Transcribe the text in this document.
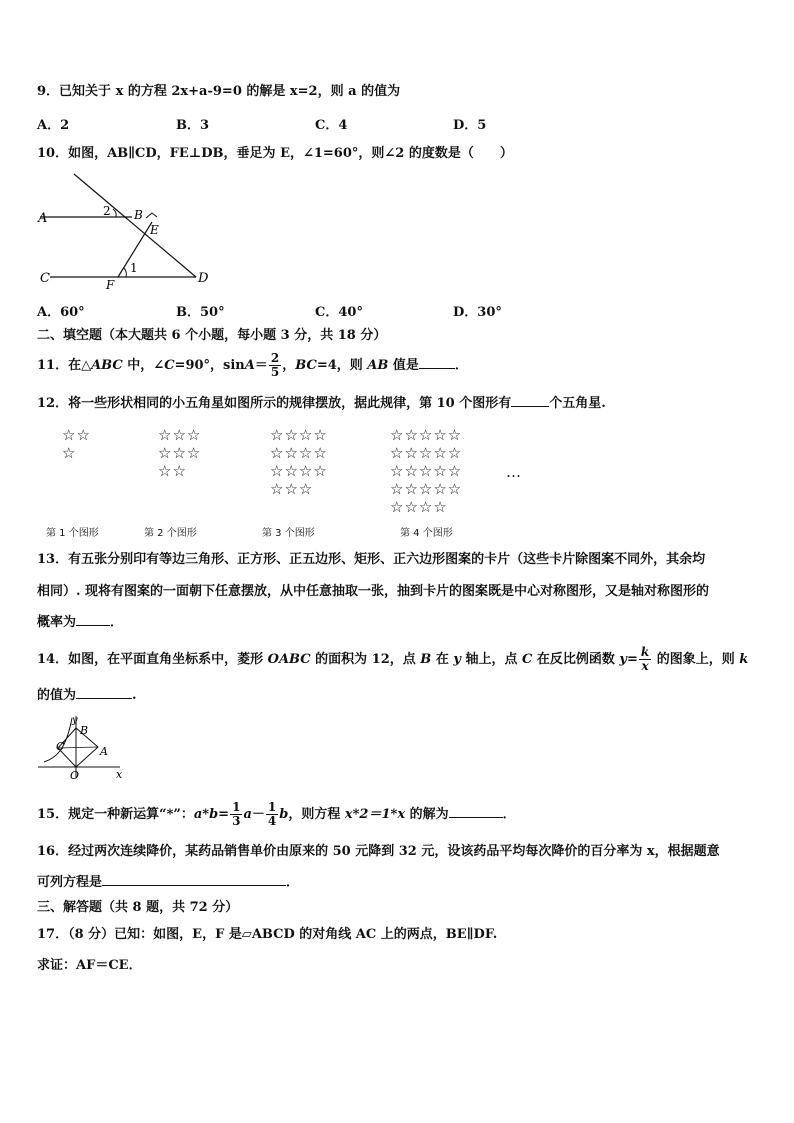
9．已知关于 x 的方程 2x+a-9=0 的解是 x=2，则 a 的值为
A．2	B．3	C．4	D．5
10．如图，AB∥CD，FE⊥DB，垂足为 E，∠1=60°，则∠2 的度数是（　　）
A	B
C	D
E
F
1
2
A．60°	B．50°	C．40°	D．30°
二、填空题（本大题共 6 个小题，每小题 3 分，共 18 分）
11．在△ABC 中，∠C=90°，$\sin A= \frac{2}{5}$ ，BC=4，则 AB 值是	．
12．将一些形状相同的小五角星如图所示的规律摆放，据此规律，第 10 个图形有	个五角星.
☆☆
☆
☆☆☆
☆☆☆
☆☆
☆☆☆☆
☆☆☆☆
☆☆☆☆
☆☆☆
☆☆☆☆☆
☆☆☆☆☆
☆☆☆☆☆
☆☆☆☆☆
☆☆☆☆
…
第 1 个图形	第 2 个图形	第 3 个图形	第 4 个图形
13．有五张分别印有等边三角形、正方形、正五边形、矩形、正六边形图案的卡片（这些卡片除图案不同外，其余均
相同）. 现将有图案的一面朝下任意摆放，从中任意抽取一张，抽到卡片的图案既是中心对称图形，又是轴对称图形的
概率为	．
14．如图，在平面直角坐标系中，菱形 OABC 的面积为 12，点 B 在 y 轴上，点 C 在反比例函数 $y= \frac{k}{x}$ 的图象上，则 k
的值为	.
y
B
C	A
O	x
15．规定一种新运算“*”：$a*b= \frac{1}{3} a- \frac{1}{4}$ b，则方程 x*2＝1*x 的解为	．
16．经过两次连续降价，某药品销售单价由原来的 50 元降到 32 元，设该药品平均每次降价的百分率为 x，根据题意
可列方程是	．
三、解答题（共 8 题，共 72 分）
17．（8 分）已知：如图，E，F 是▱ABCD 的对角线 AC 上的两点，BE∥DF.
求证：AF＝CE．
